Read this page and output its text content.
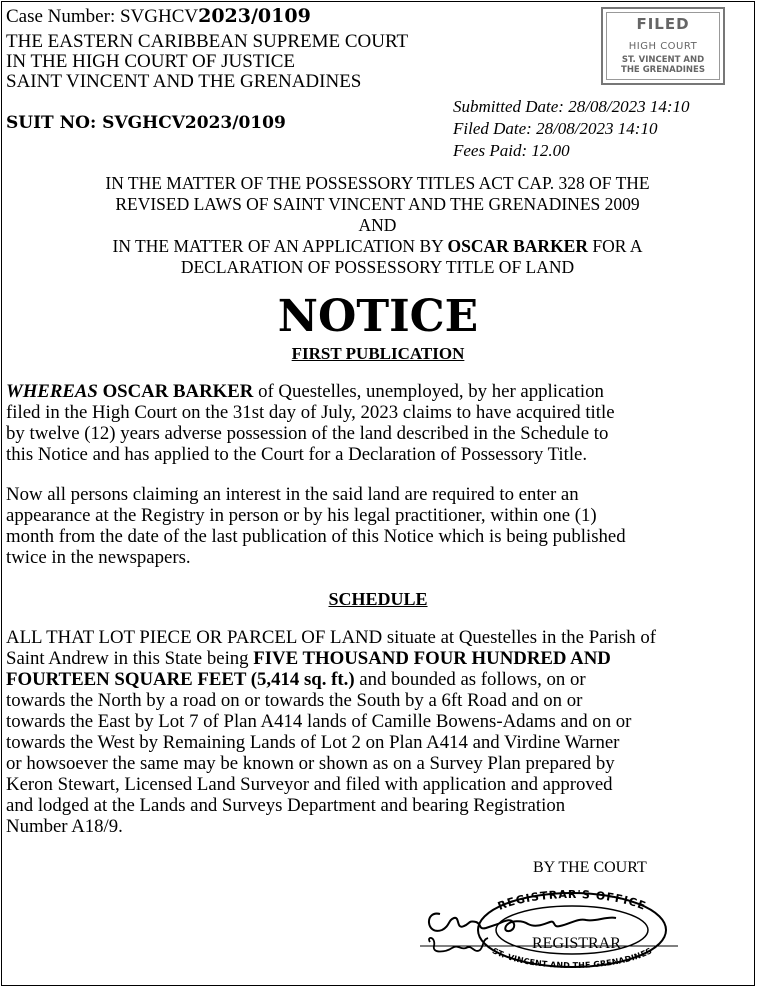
Case Number: SVGHCV2023/0109
THE EASTERN CARIBBEAN SUPREME COURT
IN THE HIGH COURT OF JUSTICE
SAINT VINCENT AND THE GRENADINES
SUIT NO: SVGHCV2023/0109
FILED
HIGH COURT
ST. VINCENT AND
THE GRENADINES
Submitted Date: 28/08/2023 14:10
Filed Date: 28/08/2023 14:10
Fees Paid: 12.00
IN THE MATTER OF THE POSSESSORY TITLES ACT CAP. 328 OF THE
REVISED LAWS OF SAINT VINCENT AND THE GRENADINES 2009
AND
IN THE MATTER OF AN APPLICATION BY OSCAR BARKER FOR A
DECLARATION OF POSSESSORY TITLE OF LAND
NOTICE
FIRST PUBLICATION
WHEREAS OSCAR BARKER of Questelles, unemployed, by her application
filed in the High Court on the 31st day of July, 2023 claims to have acquired title
by twelve (12) years adverse possession of the land described in the Schedule to
this Notice and has applied to the Court for a Declaration of Possessory Title.
Now all persons claiming an interest in the said land are required to enter an
appearance at the Registry in person or by his legal practitioner, within one (1)
month from the date of the last publication of this Notice which is being published
twice in the newspapers.
SCHEDULE
ALL THAT LOT PIECE OR PARCEL OF LAND situate at Questelles in the Parish of
Saint Andrew in this State being FIVE THOUSAND FOUR HUNDRED AND
FOURTEEN SQUARE FEET (5,414 sq. ft.) and bounded as follows, on or
towards the North by a road on or towards the South by a 6ft Road and on or
towards the East by Lot 7 of Plan A414 lands of Camille Bowens-Adams and on or
towards the West by Remaining Lands of Lot 2 on Plan A414 and Virdine Warner
or howsoever the same may be known or shown as on a Survey Plan prepared by
Keron Stewart, Licensed Land Surveyor and filed with application and approved
and lodged at the Lands and Surveys Department and bearing Registration
Number A18/9.
BY THE COURT
REGISTRAR'S OFFICE
ST. VINCENT AND THE GRENADINES
REGISTRAR
